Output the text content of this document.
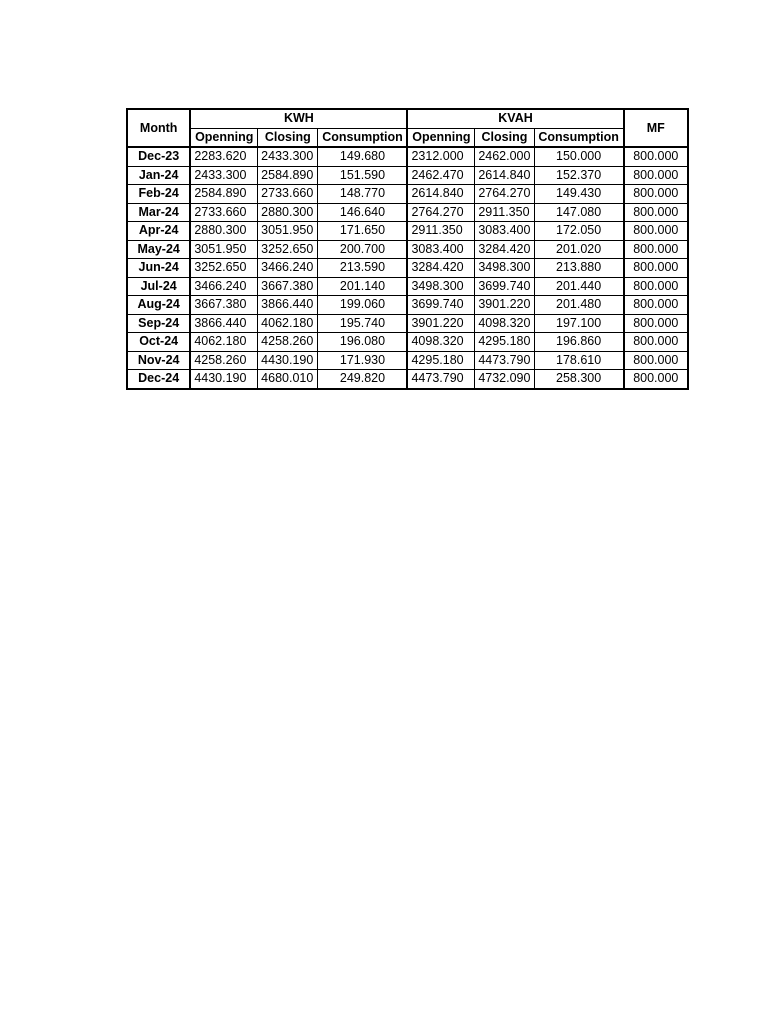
Month	KWH			KVAH			MF
	Openning	Closing	Consumption	Openning	Closing	Consumption	
Dec-23	2283.620	2433.300	149.680	2312.000	2462.000	150.000	800.000
Jan-24	2433.300	2584.890	151.590	2462.470	2614.840	152.370	800.000
Feb-24	2584.890	2733.660	148.770	2614.840	2764.270	149.430	800.000
Mar-24	2733.660	2880.300	146.640	2764.270	2911.350	147.080	800.000
Apr-24	2880.300	3051.950	171.650	2911.350	3083.400	172.050	800.000
May-24	3051.950	3252.650	200.700	3083.400	3284.420	201.020	800.000
Jun-24	3252.650	3466.240	213.590	3284.420	3498.300	213.880	800.000
Jul-24	3466.240	3667.380	201.140	3498.300	3699.740	201.440	800.000
Aug-24	3667.380	3866.440	199.060	3699.740	3901.220	201.480	800.000
Sep-24	3866.440	4062.180	195.740	3901.220	4098.320	197.100	800.000
Oct-24	4062.180	4258.260	196.080	4098.320	4295.180	196.860	800.000
Nov-24	4258.260	4430.190	171.930	4295.180	4473.790	178.610	800.000
Dec-24	4430.190	4680.010	249.820	4473.790	4732.090	258.300	800.000
